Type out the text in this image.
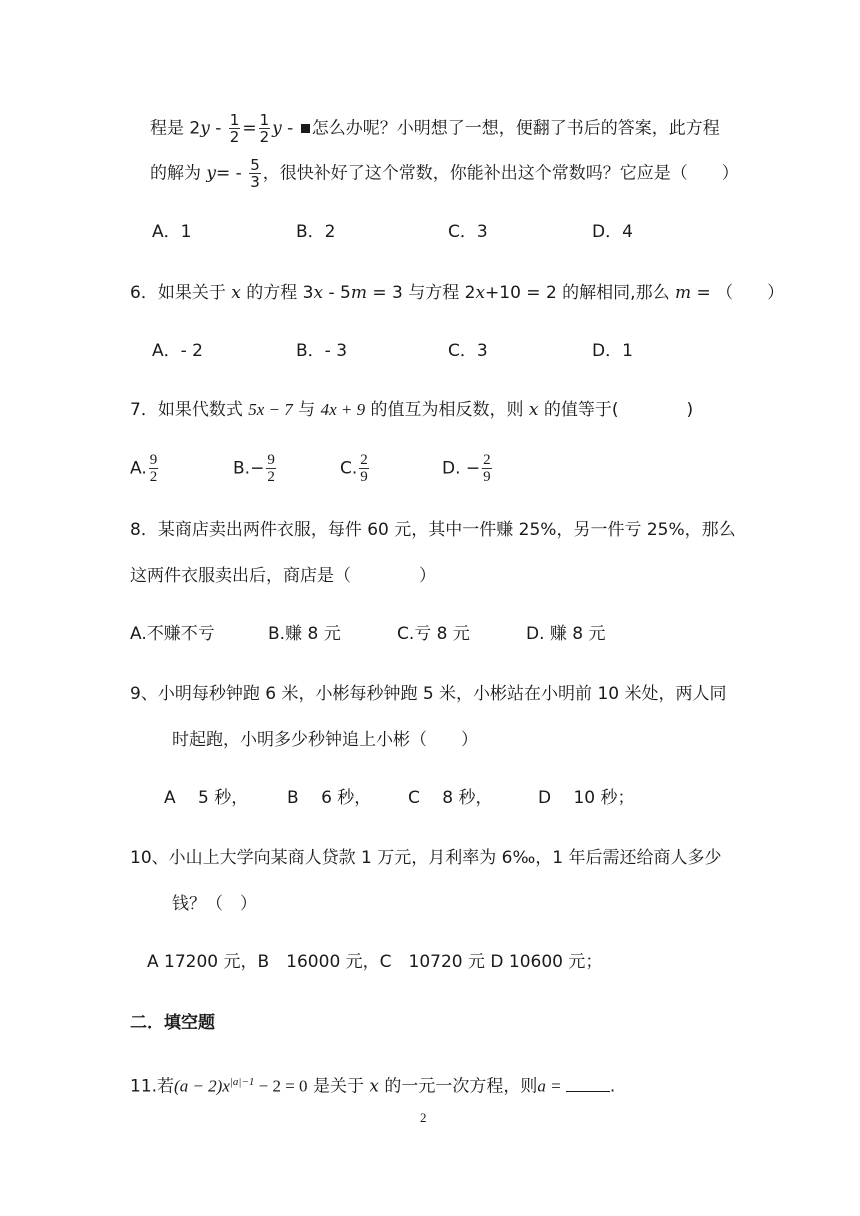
程是 $2y - \frac{1}{2} = \frac{1}{2}$ y - 怎么办呢？小明想了一想，便翻了书后的答案，此方程
的解为 $y= - \frac{5}{3}$ ，很快补好了这个常数，你能补出这个常数吗？它应是（　　）
A．1	B．2	C．3	D．4
6．如果关于 x 的方程 3x - 5m = 3 与方程 2x+10 = 2 的解相同,那么 m = （　　）
A．- 2	B．- 3	C．3	D．1
7．如果代数式 5x − 7 与 4x + 9 的值互为相反数，则 x 的值等于(　　　　)
A. $\frac{9}{2}$	$B.- \frac{9}{2}$	C. $\frac{2}{9}$	D. − $\frac{2}{9}$
8．某商店卖出两件衣服，每件 60 元，其中一件赚 25%，另一件亏 25%，那么
这两件衣服卖出后，商店是（　　　　）
A.不赚不亏	B.赚 8 元	C.亏 8 元	D. 赚 8 元
9、小明每秒钟跑 6 米，小彬每秒钟跑 5 米，小彬站在小明前 10 米处，两人同
时起跑，小明多少秒钟追上小彬（　　）
A　 5 秒， B　 6 秒， C　 8 秒，	D　 10 秒；
10、小山上大学向某商人贷款 1 万元，月利率为 6‰，1 年后需还给商人多少
钱？（　）
A 17200 元，B　16000 元，C　10720 元 D 10600 元；
二．填空题
11.若$(a - 2)x^{|a|-1} - 2 = 0$ 是关于 x 的一元一次方程，则a =	.
2
